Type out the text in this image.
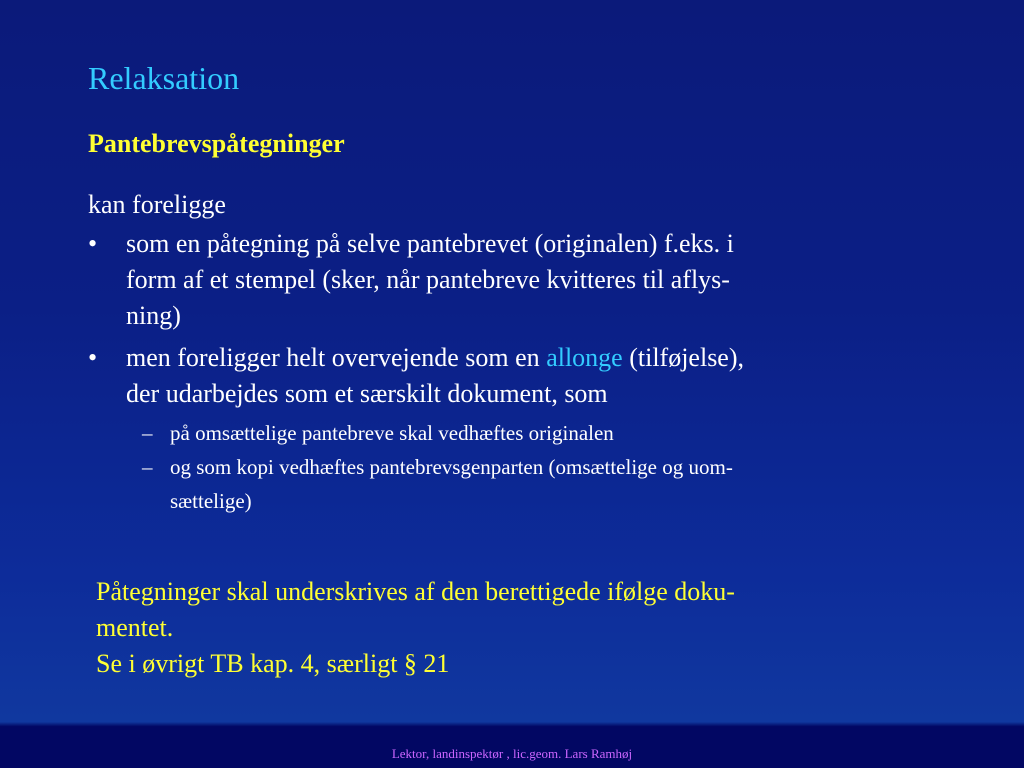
Relaksation
Pantebrevspåtegninger
kan foreligge
• som en påtegning på selve pantebrevet (originalen) f.eks. i
form af et stempel (sker, når pantebreve kvitteres til aflys-
ning)
• men foreligger helt overvejende som en allonge (tilføjelse),
der udarbejdes som et særskilt dokument, som
– på omsættelige pantebreve skal vedhæftes originalen
– og som kopi vedhæftes pantebrevsgenparten (omsættelige og uom-
sættelige)
Påtegninger skal underskrives af den berettigede ifølge doku-
mentet.
Se i øvrigt TB kap. 4, særligt § 21
Lektor, landinspektør , lic.geom. Lars Ramhøj
